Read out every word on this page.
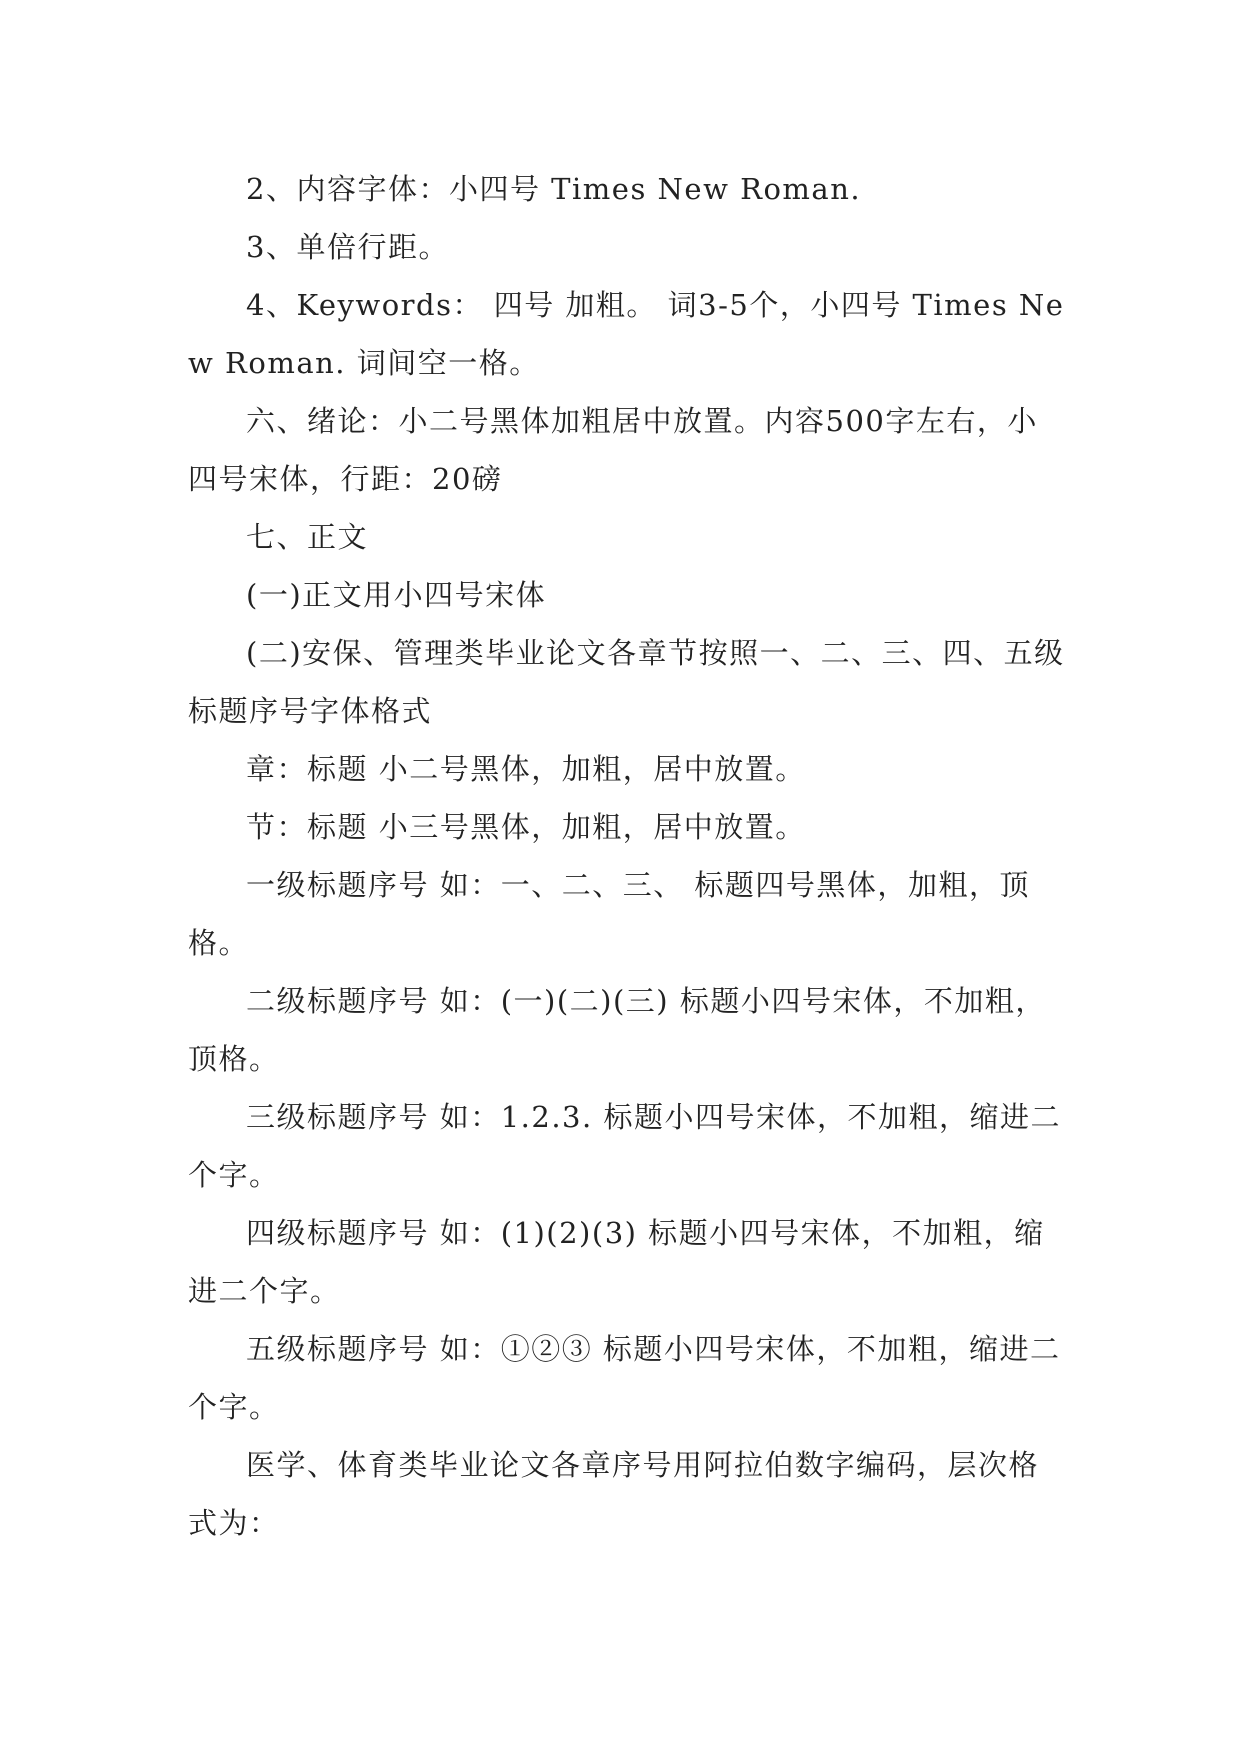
2、内容字体：小四号 Times New Roman.

3、单倍行距。

4、Keywords： 四号 加粗。 词3-5个，小四号 Times New Roman. 词间空一格。

六、绪论：小二号黑体加粗居中放置。内容500字左右，小四号宋体，行距：20磅

七、正文

(一)正文用小四号宋体

(二)安保、管理类毕业论文各章节按照一、二、三、四、五级标题序号字体格式

章：标题 小二号黑体，加粗，居中放置。

节：标题 小三号黑体，加粗，居中放置。

一级标题序号 如：一、二、三、 标题四号黑体，加粗，顶格。

二级标题序号 如：(一)(二)(三) 标题小四号宋体，不加粗，顶格。

三级标题序号 如：1.2.3. 标题小四号宋体，不加粗，缩进二个字。

四级标题序号 如：(1)(2)(3) 标题小四号宋体，不加粗，缩进二个字。

五级标题序号 如：①②③ 标题小四号宋体，不加粗，缩进二个字。

医学、体育类毕业论文各章序号用阿拉伯数字编码，层次格式为：
